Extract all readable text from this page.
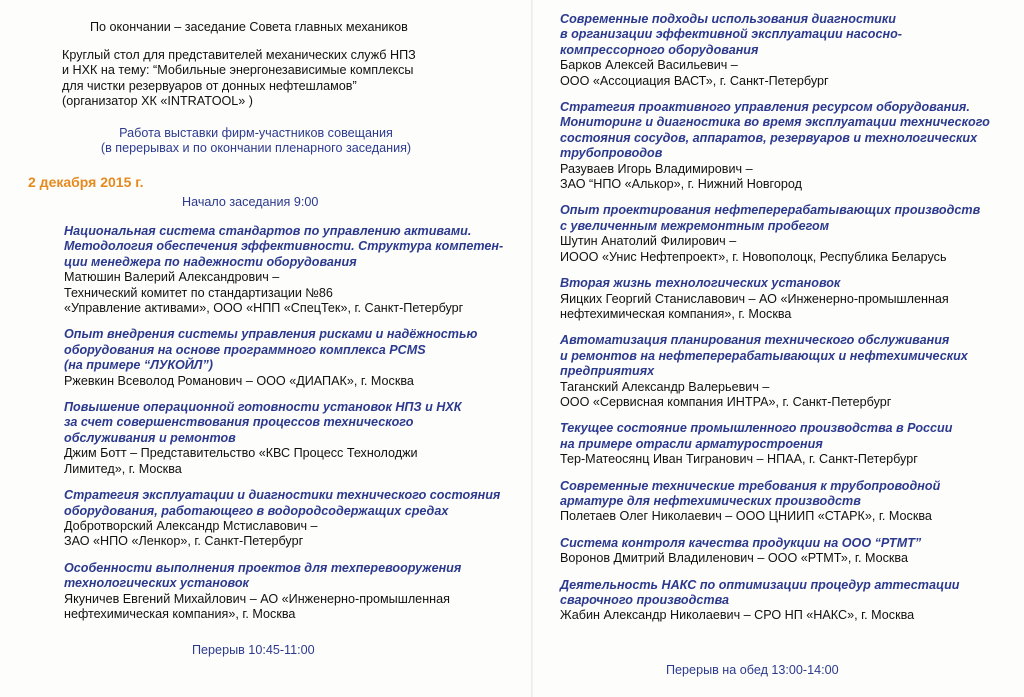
По окончании – заседание Совета главных механиков
Круглый стол для представителей механических служб НПЗ
и НХК на тему: “Мобильные энергонезависимые комплексы
для чистки резервуаров от донных нефтешламов”
(организатор ХК «INTRATOOL» )
Работа выставки фирм-участников совещания
(в перерывах и по окончании пленарного заседания)
2 декабря 2015 г.
Начало заседания 9:00
Национальная система стандартов по управлению активами.
Методология обеспечения эффективности. Структура компетен-
ции менеджера по надежности оборудования
Матюшин Валерий Александрович –
Технический комитет по стандартизации №86
«Управление активами», ООО «НПП «СпецТек», г. Санкт-Петербург
Опыт внедрения системы управления рисками и надёжностью
оборудования на основе программного комплекса PCMS
(на примере “ЛУКОЙЛ”)
Ржевкин Всеволод Романович – ООО «ДИАПАК», г. Москва
Повышение операционной готовности установок НПЗ и НХК
за счет совершенствования процессов технического
обслуживания и ремонтов
Джим Ботт – Представительство «КВС Процесс Технолоджи
Лимитед», г. Москва
Стратегия эксплуатации и диагностики технического состояния
оборудования, работающего в водородсодержащих средах
Добротворский Александр Мстиславович –
ЗАО «НПО «Ленкор», г. Санкт-Петербург
Особенности выполнения проектов для техперевооружения
технологических установок
Якуничев Евгений Михайлович – АО «Инженерно-промышленная
нефтехимическая компания», г. Москва
Перерыв 10:45-11:00
Современные подходы использования диагностики
в организации эффективной эксплуатации насосно-
компрессорного оборудования
Барков Алексей Васильевич –
ООО «Ассоциация ВАСТ», г. Санкт-Петербург
Стратегия проактивного управления ресурсом оборудования.
Мониторинг и диагностика во время эксплуатации технического
состояния сосудов, аппаратов, резервуаров и технологических
трубопроводов
Разуваев Игорь Владимирович –
ЗАО “НПО «Алькор», г. Нижний Новгород
Опыт проектирования нефтеперерабатывающих производств
с увеличенным межремонтным пробегом
Шутин Анатолий Филирович –
ИООО «Унис Нефтепроект», г. Новополоцк, Республика Беларусь
Вторая жизнь технологических установок
Яицких Георгий Станиславович – АО «Инженерно-промышленная
нефтехимическая компания», г. Москва
Автоматизация планирования технического обслуживания
и ремонтов на нефтеперерабатывающих и нефтехимических
предприятиях
Таганский Александр Валерьевич –
ООО «Сервисная компания ИНТРА», г. Санкт-Петербург
Текущее состояние промышленного производства в России
на примере отрасли арматуростроения
Тер-Матеосянц Иван Тигранович – НПАА, г. Санкт-Петербург
Современные технические требования к трубопроводной
арматуре для нефтехимических производств
Полетаев Олег Николаевич – ООО ЦНИИП «СТАРК», г. Москва
Система контроля качества продукции на ООО “РТМТ”
Воронов Дмитрий Владиленович – ООО «РТМТ», г. Москва
Деятельность НАКС по оптимизации процедур аттестации
сварочного производства
Жабин Александр Николаевич – СРО НП «НАКС», г. Москва
Перерыв на обед 13:00-14:00
